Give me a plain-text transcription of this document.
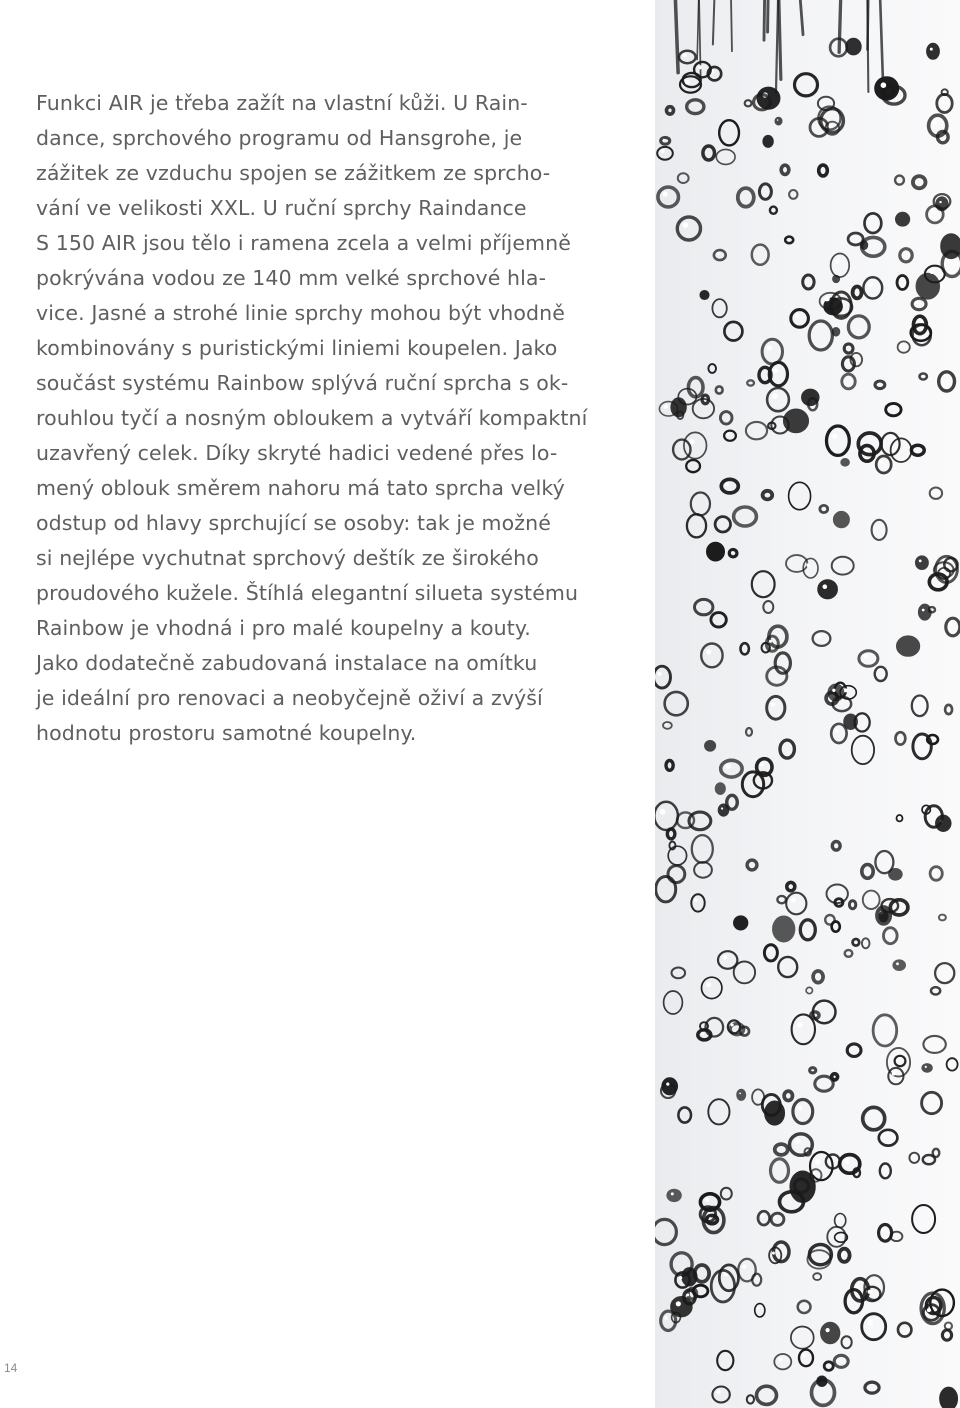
Funkci AIR je třeba zažít na vlastní kůži. U Rain-
dance, sprchového programu od Hansgrohe, je
zážitek ze vzduchu spojen se zážitkem ze sprcho-
vání ve velikosti XXL. U ruční sprchy Raindance
S 150 AIR jsou tělo i ramena zcela a velmi příjemně
pokrývána vodou ze 140 mm velké sprchové hla-
vice. Jasné a strohé linie sprchy mohou být vhodně
kombinovány s puristickými liniemi koupelen. Jako
součást systému Rainbow splývá ruční sprcha s ok-
rouhlou tyčí a nosným obloukem a vytváří kompaktní
uzavřený celek. Díky skryté hadici vedené přes lo-
mený oblouk směrem nahoru má tato sprcha velký
odstup od hlavy sprchující se osoby: tak je možné
si nejlépe vychutnat sprchový deštík ze širokého
proudového kužele. Štíhlá elegantní silueta systému
Rainbow je vhodná i pro malé koupelny a kouty.
Jako dodatečně zabudovaná instalace na omítku
je ideální pro renovaci a neobyčejně oživí a zvýší
hodnotu prostoru samotné koupelny.
14
